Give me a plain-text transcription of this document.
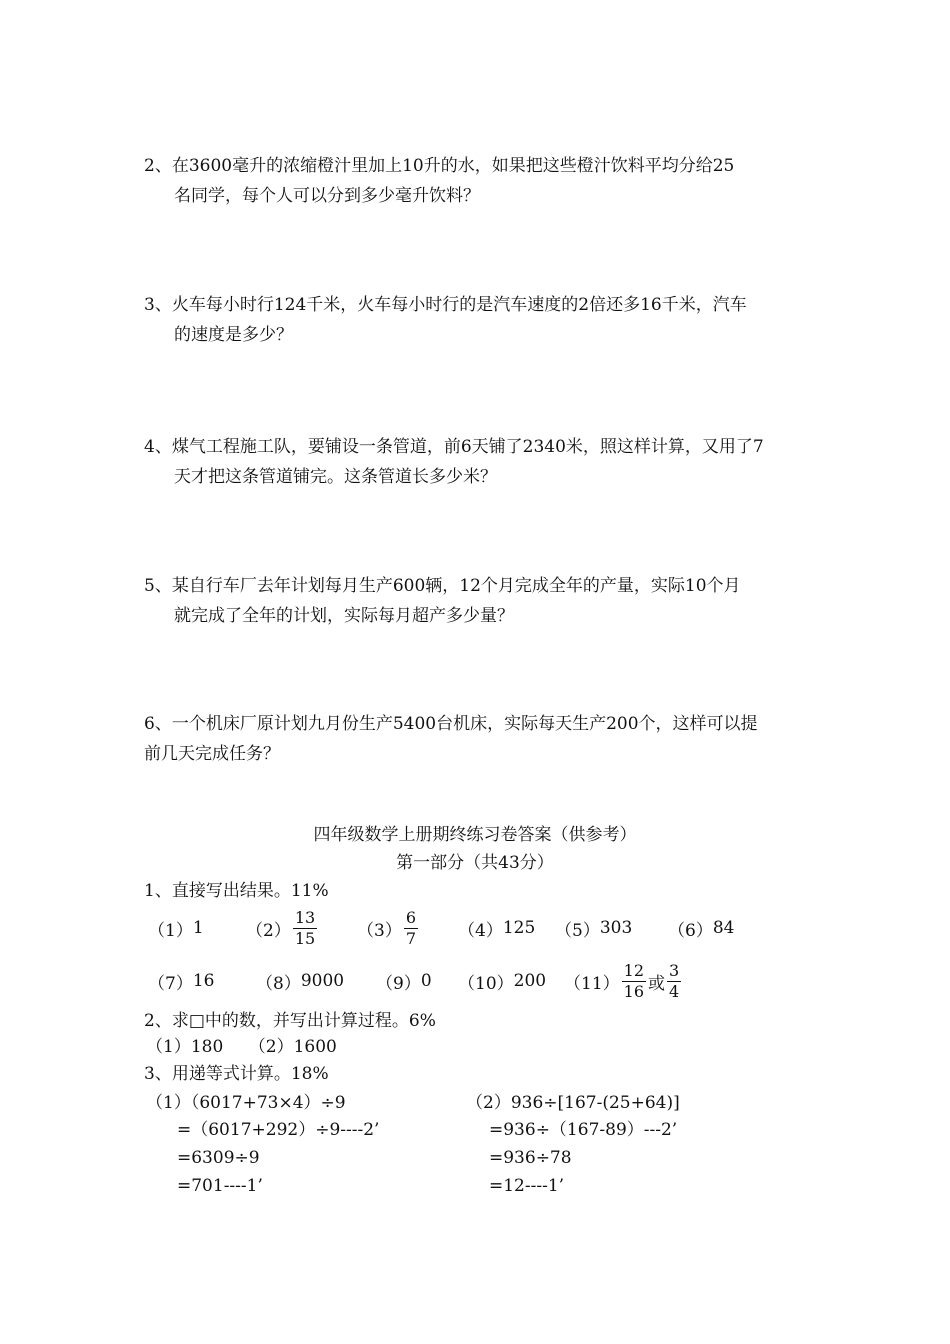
2、在3600毫升的浓缩橙汁里加上10升的水，如果把这些橙汁饮料平均分给25
名同学，每个人可以分到多少毫升饮料？
3、火车每小时行124千米，火车每小时行的是汽车速度的2倍还多16千米，汽车
的速度是多少？
4、煤气工程施工队，要铺设一条管道，前6天铺了2340米，照这样计算，又用了7
天才把这条管道铺完。这条管道长多少米？
5、某自行车厂去年计划每月生产600辆，12个月完成全年的产量，实际10个月
就完成了全年的计划，实际每月超产多少量？
6、一个机床厂原计划九月份生产5400台机床，实际每天生产200个，这样可以提
前几天完成任务？
四年级数学上册期终练习卷答案（供参考）
第一部分（共43分）
1、直接写出结果。11%
（1） 1 $(2) \frac{13}{15} (3) \frac{6}{7} (4)$ 125 （5） 303 （6） 84
（7） 16 （8） 9000 （9） 0 （10） 200 $(11) \frac{12}{16}$ 或 $\frac{3}{4}$
2、求□中的数，并写出计算过程。6%
（1）180　　（2）1600
3、用递等式计算。18%
（1）（6017+73×4）÷9
=（6017+292）÷9----2’
=6309÷9
=701----1’
（2）936÷[167-(25+64)]
=936÷（167-89）---2’
=936÷78
=12----1’
